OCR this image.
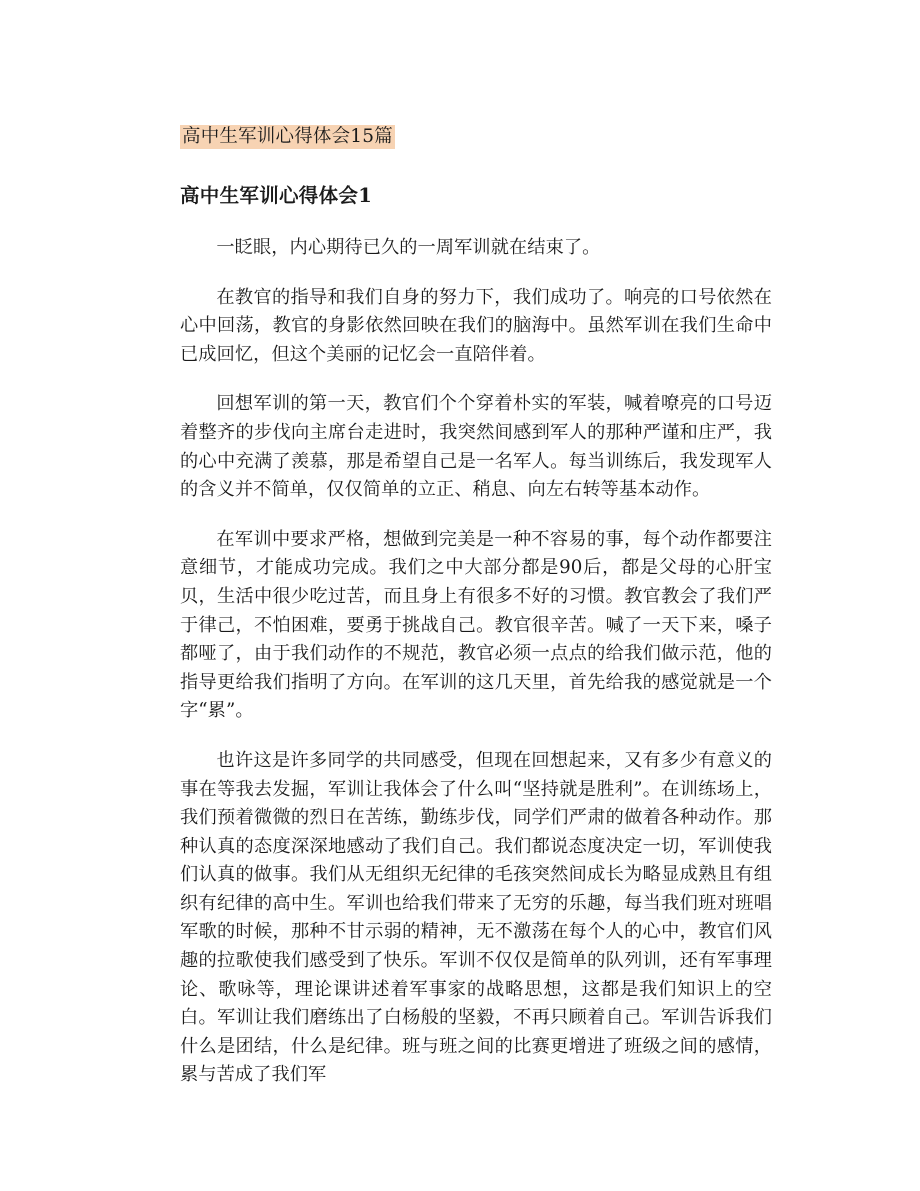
高中生军训心得体会15篇

高中生军训心得体会1

一眨眼，内心期待已久的一周军训就在结束了。

在教官的指导和我们自身的努力下，我们成功了。响亮的口号依然在心中回荡，教官的身影依然回映在我们的脑海中。虽然军训在我们生命中已成回忆，但这个美丽的记忆会一直陪伴着。

回想军训的第一天，教官们个个穿着朴实的军装，喊着嘹亮的口号迈着整齐的步伐向主席台走进时，我突然间感到军人的那种严谨和庄严，我的心中充满了羡慕，那是希望自己是一名军人。每当训练后，我发现军人的含义并不简单，仅仅简单的立正、稍息、向左右转等基本动作。

在军训中要求严格，想做到完美是一种不容易的事，每个动作都要注意细节，才能成功完成。我们之中大部分都是90后，都是父母的心肝宝贝，生活中很少吃过苦，而且身上有很多不好的习惯。教官教会了我们严于律己，不怕困难，要勇于挑战自己。教官很辛苦。喊了一天下来，嗓子都哑了，由于我们动作的不规范，教官必须一点点的给我们做示范，他的指导更给我们指明了方向。在军训的这几天里，首先给我的感觉就是一个字“累”。

也许这是许多同学的共同感受，但现在回想起来，又有多少有意义的事在等我去发掘，军训让我体会了什么叫“坚持就是胜利”。在训练场上，我们预着微微的烈日在苦练，勤练步伐，同学们严肃的做着各种动作。那种认真的态度深深地感动了我们自己。我们都说态度决定一切，军训使我们认真的做事。我们从无组织无纪律的毛孩突然间成长为略显成熟且有组织有纪律的高中生。军训也给我们带来了无穷的乐趣，每当我们班对班唱军歌的时候，那种不甘示弱的精神，无不激荡在每个人的心中，教官们风趣的拉歌使我们感受到了快乐。军训不仅仅是简单的队列训，还有军事理论、歌咏等，理论课讲述着军事家的战略思想，这都是我们知识上的空白。军训让我们磨练出了白杨般的坚毅，不再只顾着自己。军训告诉我们什么是团结，什么是纪律。班与班之间的比赛更增进了班级之间的感情，累与苦成了我们军
